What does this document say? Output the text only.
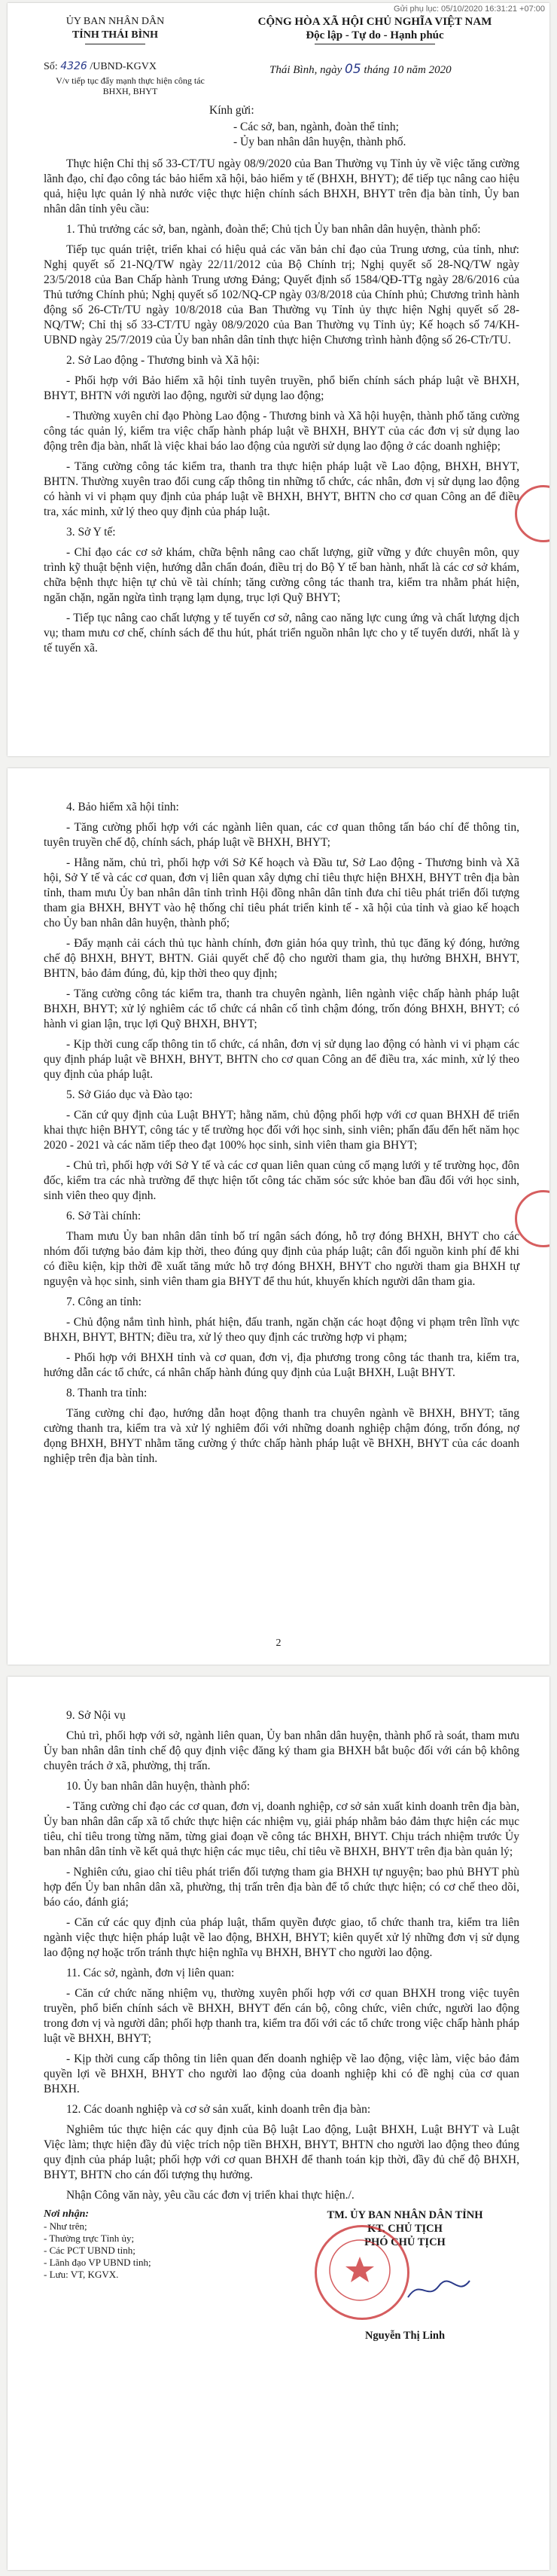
Gửi phụ lục: 05/10/2020 16:31:21 +07:00
ỦY BAN NHÂN DÂN
TỈNH THÁI BÌNH
CỘNG HÒA XÃ HỘI CHỦ NGHĨA VIỆT NAM
Độc lập - Tự do - Hạnh phúc
Số: 4326 /UBND-KGVX
V/v tiếp tục đẩy mạnh thực hiện công tác BHXH, BHYT
Thái Bình, ngày 05 tháng 10 năm 2020
Kính gửi:
- Các sở, ban, ngành, đoàn thể tỉnh;
- Ủy ban nhân dân huyện, thành phố.

Thực hiện Chỉ thị số 33-CT/TU ngày 08/9/2020 của Ban Thường vụ Tỉnh ủy về việc tăng cường lãnh đạo, chỉ đạo công tác bảo hiểm xã hội, bảo hiểm y tế (BHXH, BHYT); để tiếp tục nâng cao hiệu quả, hiệu lực quản lý nhà nước việc thực hiện chính sách BHXH, BHYT trên địa bàn tỉnh, Ủy ban nhân dân tỉnh yêu cầu:

1. Thủ trưởng các sở, ban, ngành, đoàn thể; Chủ tịch Ủy ban nhân dân huyện, thành phố:

Tiếp tục quán triệt, triển khai có hiệu quả các văn bản chỉ đạo của Trung ương, của tỉnh, như: Nghị quyết số 21-NQ/TW ngày 22/11/2012 của Bộ Chính trị; Nghị quyết số 28-NQ/TW ngày 23/5/2018 của Ban Chấp hành Trung ương Đảng; Quyết định số 1584/QĐ-TTg ngày 28/6/2016 của Thủ tướng Chính phủ; Nghị quyết số 102/NQ-CP ngày 03/8/2018 của Chính phủ; Chương trình hành động số 26-CTr/TU ngày 10/8/2018 của Ban Thường vụ Tỉnh ủy thực hiện Nghị quyết số 28-NQ/TW; Chỉ thị số 33-CT/TU ngày 08/9/2020 của Ban Thường vụ Tỉnh ủy; Kế hoạch số 74/KH-UBND ngày 25/7/2019 của Ủy ban nhân dân tỉnh thực hiện Chương trình hành động số 26-CTr/TU.

2. Sở Lao động - Thương binh và Xã hội:

- Phối hợp với Bảo hiểm xã hội tỉnh tuyên truyền, phổ biến chính sách pháp luật về BHXH, BHYT, BHTN với người lao động, người sử dụng lao động;

- Thường xuyên chỉ đạo Phòng Lao động - Thương binh và Xã hội huyện, thành phố tăng cường công tác quản lý, kiểm tra việc chấp hành pháp luật về BHXH, BHYT của các đơn vị sử dụng lao động trên địa bàn, nhất là việc khai báo lao động của người sử dụng lao động ở các doanh nghiệp;

- Tăng cường công tác kiểm tra, thanh tra thực hiện pháp luật về Lao động, BHXH, BHYT, BHTN. Thường xuyên trao đổi cung cấp thông tin những tổ chức, các nhân, đơn vị sử dụng lao động có hành vi vi phạm quy định của pháp luật về BHXH, BHYT, BHTN cho cơ quan Công an để điều tra, xác minh, xử lý theo quy định của pháp luật.

3. Sở Y tế:

- Chỉ đạo các cơ sở khám, chữa bệnh nâng cao chất lượng, giữ vững y đức chuyên môn, quy trình kỹ thuật bệnh viện, hướng dẫn chẩn đoán, điều trị do Bộ Y tế ban hành, nhất là các cơ sở khám, chữa bệnh thực hiện tự chủ về tài chính; tăng cường công tác thanh tra, kiểm tra nhằm phát hiện, ngăn chặn, ngăn ngừa tình trạng lạm dụng, trục lợi Quỹ BHYT;

- Tiếp tục nâng cao chất lượng y tế tuyến cơ sở, nâng cao năng lực cung ứng và chất lượng dịch vụ; tham mưu cơ chế, chính sách để thu hút, phát triển nguồn nhân lực cho y tế tuyến dưới, nhất là y tế tuyến xã.

4. Bảo hiểm xã hội tỉnh:

- Tăng cường phối hợp với các ngành liên quan, các cơ quan thông tấn báo chí để thông tin, tuyên truyền chế độ, chính sách, pháp luật về BHXH, BHYT;

- Hằng năm, chủ trì, phối hợp với Sở Kế hoạch và Đầu tư, Sở Lao động - Thương binh và Xã hội, Sở Y tế và các cơ quan, đơn vị liên quan xây dựng chỉ tiêu thực hiện BHXH, BHYT trên địa bàn tỉnh, tham mưu Ủy ban nhân dân tỉnh trình Hội đồng nhân dân tỉnh đưa chỉ tiêu phát triển đối tượng tham gia BHXH, BHYT vào hệ thống chỉ tiêu phát triển kinh tế - xã hội của tỉnh và giao kế hoạch cho Ủy ban nhân dân huyện, thành phố;

- Đẩy mạnh cải cách thủ tục hành chính, đơn giản hóa quy trình, thủ tục đăng ký đóng, hưởng chế độ BHXH, BHYT, BHTN. Giải quyết chế độ cho người tham gia, thụ hưởng BHXH, BHYT, BHTN, bảo đảm đúng, đủ, kịp thời theo quy định;

- Tăng cường công tác kiểm tra, thanh tra chuyên ngành, liên ngành việc chấp hành pháp luật BHXH, BHYT; xử lý nghiêm các tổ chức cá nhân cố tình chậm đóng, trốn đóng BHXH, BHYT; có hành vi gian lận, trục lợi Quỹ BHXH, BHYT;

- Kịp thời cung cấp thông tin tổ chức, cá nhân, đơn vị sử dụng lao động có hành vi vi phạm các quy định pháp luật về BHXH, BHYT, BHTN cho cơ quan Công an để điều tra, xác minh, xử lý theo quy định của pháp luật.

5. Sở Giáo dục và Đào tạo:

- Căn cứ quy định của Luật BHYT; hằng năm, chủ động phối hợp với cơ quan BHXH để triển khai thực hiện BHYT, công tác y tế trường học đối với học sinh, sinh viên; phấn đấu đến hết năm học 2020 - 2021 và các năm tiếp theo đạt 100% học sinh, sinh viên tham gia BHYT;

- Chủ trì, phối hợp với Sở Y tế và các cơ quan liên quan củng cố mạng lưới y tế trường học, đôn đốc, kiểm tra các nhà trường để thực hiện tốt công tác chăm sóc sức khỏe ban đầu đối với học sinh, sinh viên theo quy định.

6. Sở Tài chính:

Tham mưu Ủy ban nhân dân tỉnh bố trí ngân sách đóng, hỗ trợ đóng BHXH, BHYT cho các nhóm đối tượng bảo đảm kịp thời, theo đúng quy định của pháp luật; cân đối nguồn kinh phí để khi có điều kiện, kịp thời đề xuất tăng mức hỗ trợ đóng BHXH, BHYT cho người tham gia BHXH tự nguyện và học sinh, sinh viên tham gia BHYT để thu hút, khuyến khích người dân tham gia.

7. Công an tỉnh:

- Chủ động nắm tình hình, phát hiện, đấu tranh, ngăn chặn các hoạt động vi phạm trên lĩnh vực BHXH, BHYT, BHTN; điều tra, xử lý theo quy định các trường hợp vi phạm;

- Phối hợp với BHXH tỉnh và cơ quan, đơn vị, địa phương trong công tác thanh tra, kiểm tra, hướng dẫn các tổ chức, cá nhân chấp hành đúng quy định của Luật BHXH, Luật BHYT.

8. Thanh tra tỉnh:

Tăng cường chỉ đạo, hướng dẫn hoạt động thanh tra chuyên ngành về BHXH, BHYT; tăng cường thanh tra, kiểm tra và xử lý nghiêm đối với những doanh nghiệp chậm đóng, trốn đóng, nợ đọng BHXH, BHYT nhằm tăng cường ý thức chấp hành pháp luật về BHXH, BHYT của các doanh nghiệp trên địa bàn tỉnh.

2

9. Sở Nội vụ

Chủ trì, phối hợp với sở, ngành liên quan, Ủy ban nhân dân huyện, thành phố rà soát, tham mưu Ủy ban nhân dân tỉnh chế độ quy định việc đăng ký tham gia BHXH bắt buộc đối với cán bộ không chuyên trách ở xã, phường, thị trấn.

10. Ủy ban nhân dân huyện, thành phố:

- Tăng cường chỉ đạo các cơ quan, đơn vị, doanh nghiệp, cơ sở sản xuất kinh doanh trên địa bàn, Ủy ban nhân dân cấp xã tổ chức thực hiện các nhiệm vụ, giải pháp nhằm bảo đảm thực hiện các mục tiêu, chỉ tiêu trong từng năm, từng giai đoạn về công tác BHXH, BHYT. Chịu trách nhiệm trước Ủy ban nhân dân tỉnh về kết quả thực hiện các mục tiêu, chỉ tiêu về BHXH, BHYT trên địa bàn quản lý;

- Nghiên cứu, giao chỉ tiêu phát triển đối tượng tham gia BHXH tự nguyện; bao phủ BHYT phù hợp đến Ủy ban nhân dân xã, phường, thị trấn trên địa bàn để tổ chức thực hiện; có cơ chế theo dõi, báo cáo, đánh giá;

- Căn cứ các quy định của pháp luật, thẩm quyền được giao, tổ chức thanh tra, kiểm tra liên ngành việc thực hiện pháp luật về lao động, BHXH, BHYT; kiên quyết xử lý những đơn vị sử dụng lao động nợ hoặc trốn tránh thực hiện nghĩa vụ BHXH, BHYT cho người lao động.

11. Các sở, ngành, đơn vị liên quan:

- Căn cứ chức năng nhiệm vụ, thường xuyên phối hợp với cơ quan BHXH trong việc tuyên truyền, phổ biến chính sách về BHXH, BHYT đến cán bộ, công chức, viên chức, người lao động trong đơn vị và người dân; phối hợp thanh tra, kiểm tra đối với các tổ chức trong việc chấp hành pháp luật về BHXH, BHYT;

- Kịp thời cung cấp thông tin liên quan đến doanh nghiệp về lao động, việc làm, việc bảo đảm quyền lợi về BHXH, BHYT cho người lao động của doanh nghiệp khi có đề nghị của cơ quan BHXH.

12. Các doanh nghiệp và cơ sở sản xuất, kinh doanh trên địa bàn:

Nghiêm túc thực hiện các quy định của Bộ luật Lao động, Luật BHXH, Luật BHYT và Luật Việc làm; thực hiện đầy đủ việc trích nộp tiền BHXH, BHYT, BHTN cho người lao động theo đúng quy định của pháp luật; phối hợp với cơ quan BHXH để thanh toán kịp thời, đầy đủ chế độ BHXH, BHYT, BHTN cho cán đối tượng thụ hưởng.

Nhận Công văn này, yêu cầu các đơn vị triển khai thực hiện./.

Nơi nhận:
- Như trên;
- Thường trực Tỉnh ủy;
- Các PCT UBND tỉnh;
- Lãnh đạo VP UBND tỉnh;
- Lưu: VT, KGVX.
TM. ỦY BAN NHÂN DÂN TỈNH
KT. CHỦ TỊCH
PHÓ CHỦ TỊCH
Nguyễn Thị Linh
